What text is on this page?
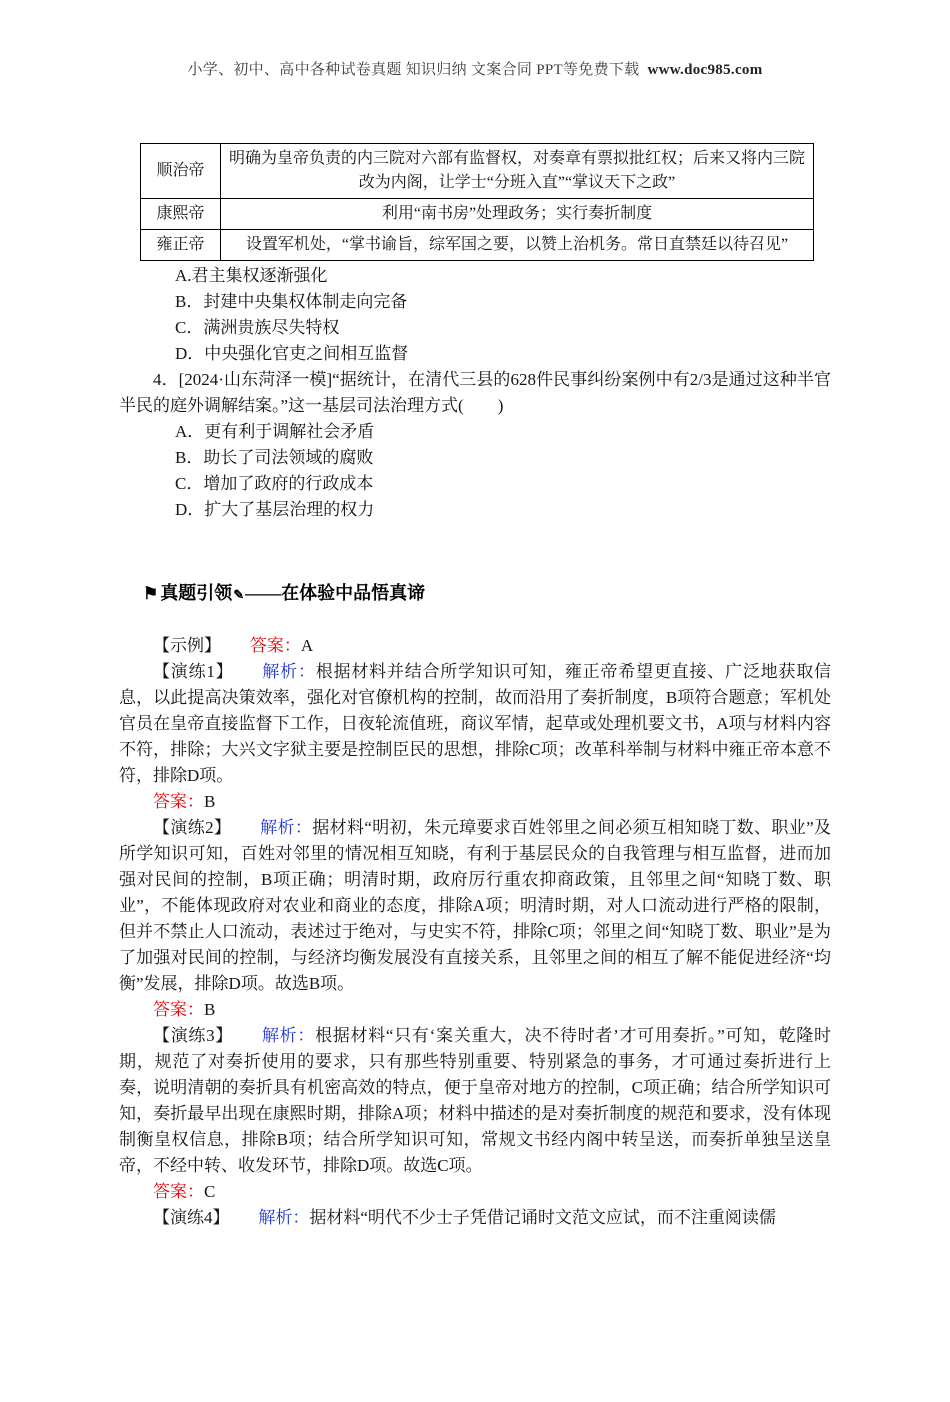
小学、初中、高中各种试卷真题 知识归纳 文案合同 PPT等免费下载 www.doc985.com
顺治帝	明确为皇帝负责的内三院对六部有监督权，对奏章有票拟批红权；后来又将内三院改为内阁，让学士“分班入直”“掌议天下之政”
康熙帝	利用“南书房”处理政务；实行奏折制度
雍正帝	设置军机处，“掌书谕旨，综军国之要，以赞上治机务。常日直禁廷以待召见”

A.君主集权逐渐强化

B．封建中央集权体制走向完备

C．满洲贵族尽失特权

D．中央强化官吏之间相互监督

4．[2024·山东菏泽一模]“据统计，在清代三县的628件民事纠纷案例中有2/3是通过这种半官半民的庭外调解结案。”这一基层司法治理方式(　　)

A．更有利于调解社会矛盾

B．助长了司法领域的腐败

C．增加了政府的行政成本

D．扩大了基层治理的权力

⚑ 真题引领✎——在体验中品悟真谛

【示例】 答案：A

【演练1】 解析：根据材料并结合所学知识可知，雍正帝希望更直接、广泛地获取信息，以此提高决策效率，强化对官僚机构的控制，故而沿用了奏折制度，B项符合题意；军机处官员在皇帝直接监督下工作，日夜轮流值班，商议军情，起草或处理机要文书，A项与材料内容不符，排除；大兴文字狱主要是控制臣民的思想，排除C项；改革科举制与材料中雍正帝本意不符，排除D项。

答案：B

【演练2】 解析：据材料“明初，朱元璋要求百姓邻里之间必须互相知晓丁数、职业”及所学知识可知，百姓对邻里的情况相互知晓，有利于基层民众的自我管理与相互监督，进而加强对民间的控制，B项正确；明清时期，政府厉行重农抑商政策，且邻里之间“知晓丁数、职业”，不能体现政府对农业和商业的态度，排除A项；明清时期，对人口流动进行严格的限制，但并不禁止人口流动，表述过于绝对，与史实不符，排除C项；邻里之间“知晓丁数、职业”是为了加强对民间的控制，与经济均衡发展没有直接关系，且邻里之间的相互了解不能促进经济“均衡”发展，排除D项。故选B项。

答案：B

【演练3】 解析：根据材料“只有‘案关重大，决不待时者’才可用奏折。”可知，乾隆时期，规范了对奏折使用的要求，只有那些特别重要、特别紧急的事务，才可通过奏折进行上奏，说明清朝的奏折具有机密高效的特点，便于皇帝对地方的控制，C项正确；结合所学知识可知，奏折最早出现在康熙时期，排除A项；材料中描述的是对奏折制度的规范和要求，没有体现制衡皇权信息，排除B项；结合所学知识可知，常规文书经内阁中转呈送，而奏折单独呈送皇帝，不经中转、收发环节，排除D项。故选C项。

答案：C

【演练4】 解析：据材料“明代不少士子凭借记诵时文范文应试，而不注重阅读儒
